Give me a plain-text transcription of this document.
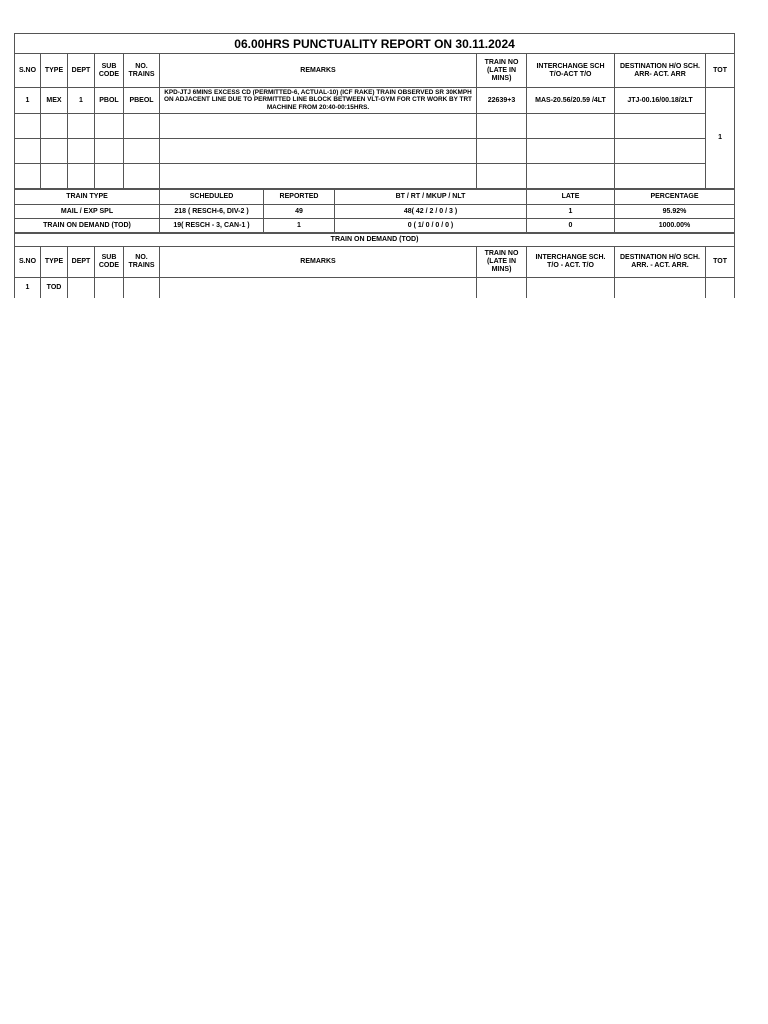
06.00HRS PUNCTUALITY REPORT ON 30.11.2024									
S.NO	TYPE	DEPT	SUB CODE	NO. TRAINS	REMARKS	TRAIN NO (LATE IN MINS)	INTERCHANGE SCH T/O-ACT T/O	DESTINATION H/O SCH. ARR- ACT. ARR	TOT
1	MEX	1	PBOL	PBEOL	KPD-JTJ 6MINS EXCESS CD (PERMITTED-6, ACTUAL-10) (ICF RAKE) TRAIN OBSERVED SR 30KMPH ON ADJACENT LINE DUE TO PERMITTED LINE BLOCK BETWEEN VLT-GYM FOR CTR WORK BY TRT MACHINE FROM 20:40-00:15HRS.	22639+3	MAS-20.56/20.59 /4LT	JTJ-00.16/00.18/2LT	1

TRAIN TYPE	SCHEDULED	REPORTED	BT / RT / MKUP / NLT	LATE	PERCENTAGE
MAIL / EXP SPL	218 ( RESCH-6, DIV-2 )	49	48( 42 / 2 / 0 / 3 )	1	95.92%
TRAIN ON DEMAND (TOD)	19( RESCH - 3, CAN-1 )	1	0 ( 1/ 0 / 0 / 0 )	0	1000.00%
TRAIN ON DEMAND (TOD)									
S.NO	TYPE	DEPT	SUB CODE	NO. TRAINS	REMARKS	TRAIN NO (LATE IN MINS)	INTERCHANGE SCH. T/O - ACT. T/O	DESTINATION H/O SCH. ARR. - ACT. ARR.	TOT
1	TOD								
